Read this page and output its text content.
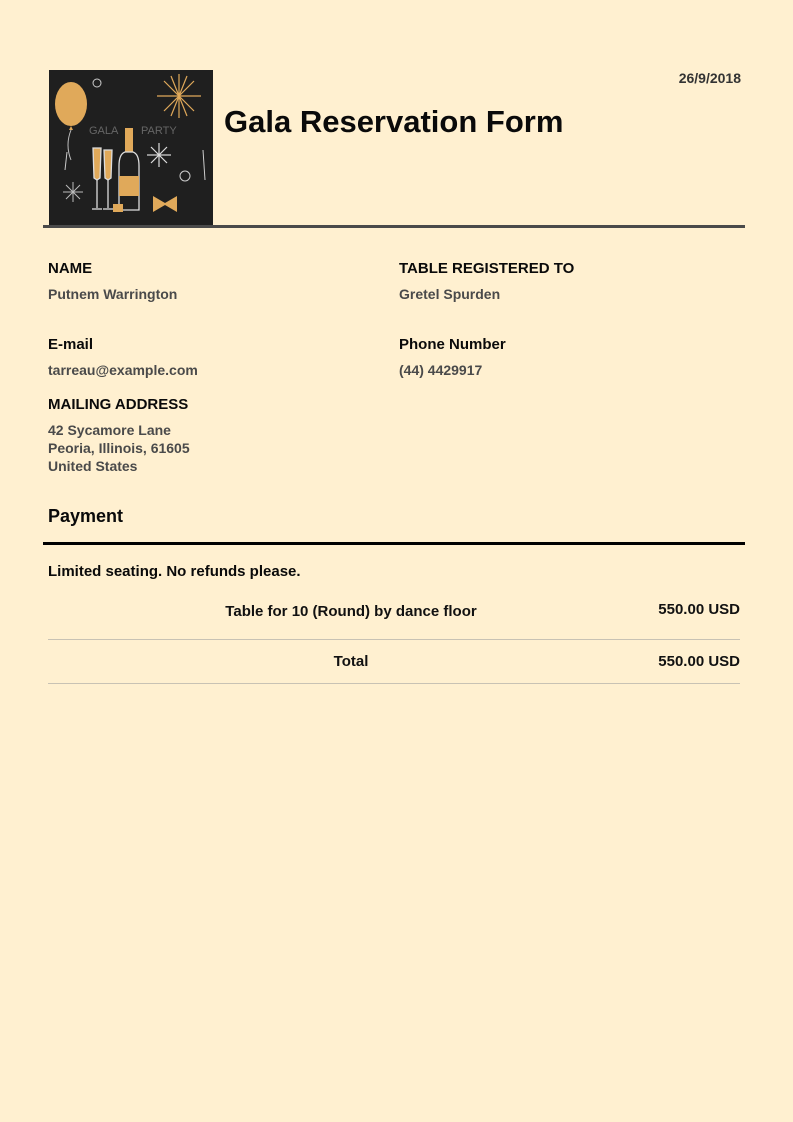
26/9/2018
GALA PARTY Gala Reservation Form
NAME
Putnem Warrington
TABLE REGISTERED TO
Gretel Spurden
E-mail
tarreau@example.com
Phone Number
(44) 4429917
MAILING ADDRESS
42 Sycamore Lane
Peoria, Illinois, 61605
United States
Payment
Limited seating. No refunds please.
Table for 10 (Round) by dance floor	550.00 USD
Total	550.00 USD
